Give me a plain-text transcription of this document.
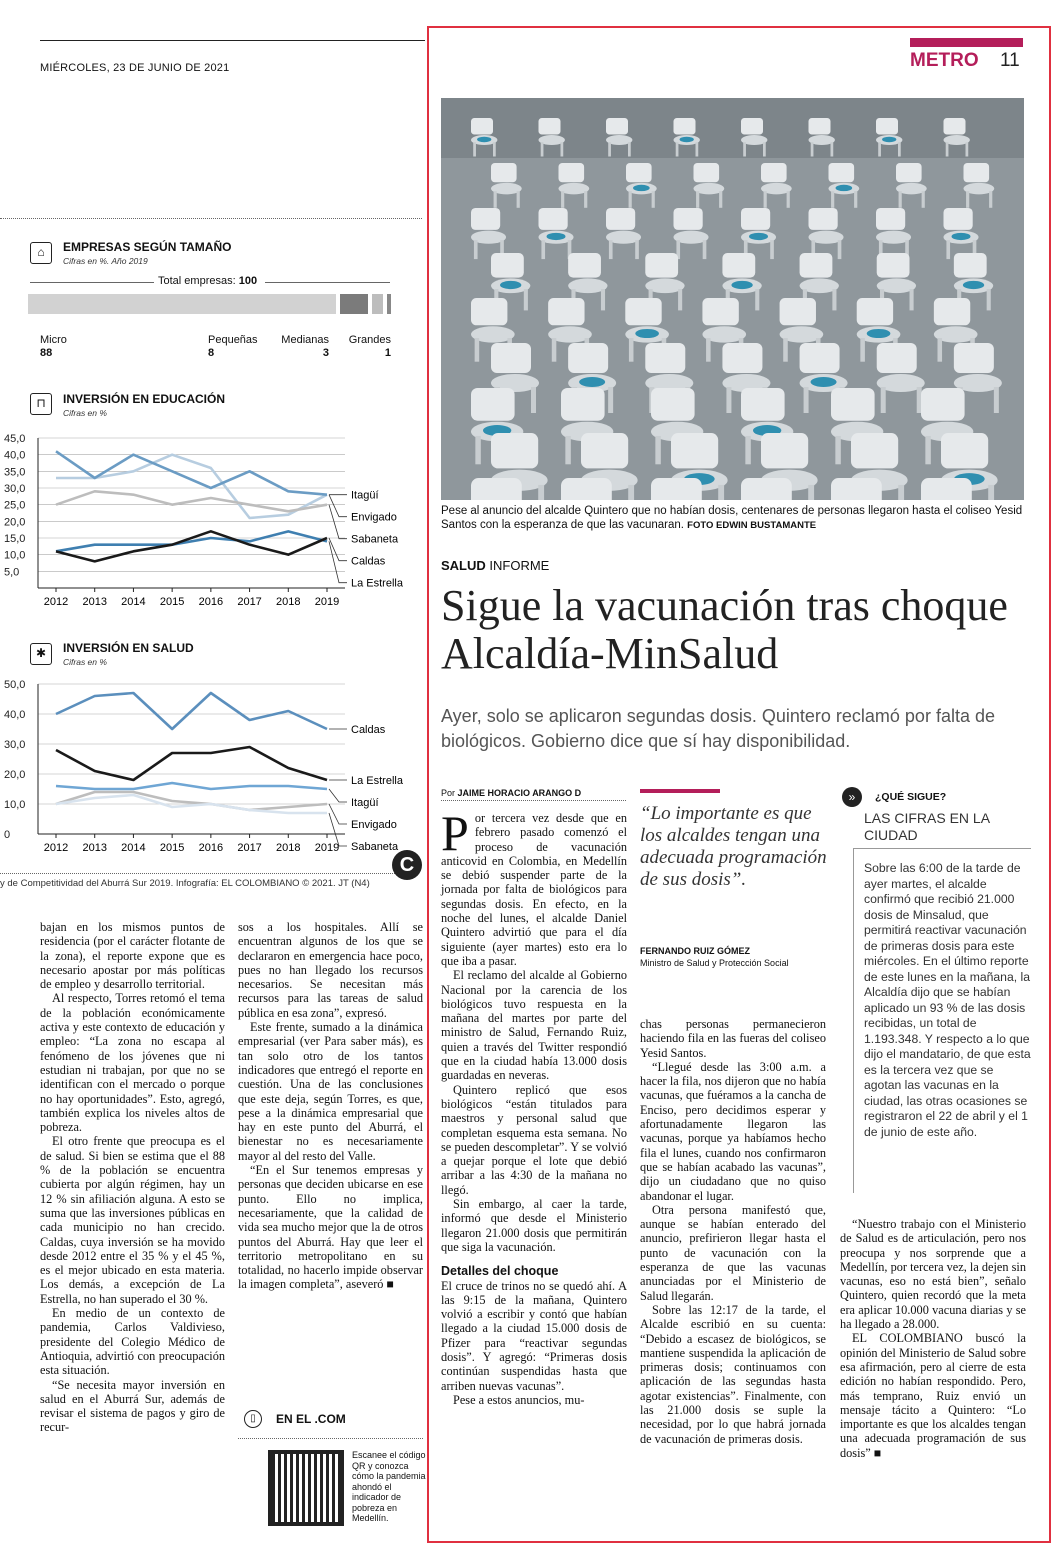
MIÉRCOLES, 23 DE JUNIO DE 2021	METRO 11
⌂	EMPRESAS SEGÚN TAMAÑO
Cifras en %. Año 2019
Total empresas: 100
Micro
88
Pequeñas
8
Medianas
3
Grandes
1
⊓	INVERSIÓN EN EDUCACIÓN
Cifras en %
45,0
40,0
35,0
30,0
25,0
20,0
15,0
10,0
5,0
2012 2013 2014 2015 2016 2017 2018 2019
Itagüí
Envigado
Sabaneta
La Estrella
Caldas
✱	INVERSIÓN EN SALUD
Cifras en %
50,0
40,0
30,0
20,0
10,0
0
2012 2013 2014 2015 2016 2017 2018 2019
Caldas
La Estrella
Itagüí
Envigado
Sabaneta
C
y de Competitividad del Aburrá Sur 2019. Infografía: EL COLOMBIANO © 2021. JT (N4)

bajan en los mismos puntos de residencia (por el carácter flotante de la zona), el reporte expone que es necesario apostar por más políticas de empleo y desarrollo territorial.

Al respecto, Torres retomó el tema de la población económicamente activa y este contexto de educación y empleo: “La zona no escapa al fenómeno de los jóvenes que ni estudian ni trabajan, por que no se identifican con el mercado o porque no hay oportunidades”. Esto, agregó, también explica los niveles altos de pobreza.

El otro frente que preocupa es el de salud. Si bien se estima que el 88 % de la población se encuentra cubierta por algún régimen, hay un 12 % sin afiliación alguna. A esto se suma que las inversiones públicas en cada municipio no han crecido. Caldas, cuya inversión se ha movido desde 2012 entre el 35 % y el 45 %, es el mejor ubicado en esta materia. Los demás, a excepción de La Estrella, no han superado el 30 %.

En medio de un contexto de pandemia, Carlos Valdivieso, presidente del Colegio Médico de Antioquia, advirtió con preocupación esta situación.

“Se necesita mayor inversión en salud en el Aburrá Sur, además de revisar el sistema de pagos y giro de recur-

sos a los hospitales. Allí se encuentran algunos de los que se declararon en emergencia hace poco, pues no han llegado los recursos necesarios. Se necesitan más recursos para las tareas de salud pública en esa zona”, expresó.

Este frente, sumado a la dinámica empresarial (ver Para saber más), es tan solo otro de los tantos indicadores que entregó el reporte en cuestión. Una de las conclusiones que este deja, según Torres, es que, pese a la dinámica empresarial que hay en este punto del Aburrá, el bienestar no es necesariamente mayor al del resto del Valle.

“En el Sur tenemos empresas y personas que deciden ubicarse en ese punto. Ello no implica, necesariamente, que la calidad de vida sea mucho mejor que la de otros puntos del Aburrá. Hay que leer el territorio metropolitano en su totalidad, no hacerlo impide observar la imagen completa”, aseveró ■

▯	EN EL .COM
Escanee el código QR y conozca cómo la pandemia ahondó el indicador de pobreza en Medellín.
Pese al anuncio del alcalde Quintero que no habían dosis, centenares de personas llegaron hasta el coliseo Yesid Santos con la esperanza de que las vacunaran. FOTO EDWIN BUSTAMANTE
SALUD INFORME
Sigue la vacunación tras choque Alcaldía-MinSalud
Ayer, solo se aplicaron segundas dosis. Quintero reclamó por falta de biológicos. Gobierno dice que sí hay disponibilidad.
Por JAIME HORACIO ARANGO D
P or tercera vez desde que en febrero pasado comenzó el proceso de vacunación anticovid en Colombia, en Medellín se debió suspender parte de la jornada por falta de biológicos para segundas dosis. En efecto, en la noche del lunes, el alcalde Daniel Quintero advirtió que para el día siguiente (ayer martes) esto era lo que iba a pasar.

El reclamo del alcalde al Gobierno Nacional por la carencia de los biológicos tuvo respuesta en la mañana del martes por parte del ministro de Salud, Fernando Ruiz, quien a través del Twitter respondió que en la ciudad había 13.000 dosis guardadas en neveras.

Quintero replicó que esos biológicos “están titulados para maestros y personal salud que completan esquema esta semana. No se pueden descompletar”. Y se volvió a quejar porque el lote que debió arribar a las 4:30 de la mañana no llegó.

Sin embargo, al caer la tarde, informó que desde el Ministerio llegaron 21.000 dosis que permitirán que siga la vacunación.

Detalles del choque

El cruce de trinos no se quedó ahí. A las 9:15 de la mañana, Quintero volvió a escribir y contó que habían llegado a la ciudad 15.000 dosis de Pfizer para “reactivar segundas dosis”. Y agregó: “Primeras dosis continúan suspendidas hasta que arriben nuevas vacunas”.

Pese a estos anuncios, mu-

“Lo importante es que los alcaldes tengan una adecuada programación de sus dosis”.
FERNANDO RUIZ GÓMEZ
Ministro de Salud y Protección Social

chas personas permanecieron haciendo fila en las fueras del coliseo Yesid Santos.

“Llegué desde las 3:00 a.m. a hacer la fila, nos dijeron que no había vacunas, que fuéramos a la cancha de Enciso, pero decidimos esperar y afortunadamente llegaron las vacunas, porque ya habíamos hecho fila el lunes, cuando nos confirmaron que se habían acabado las vacunas”, dijo un ciudadano que no quiso abandonar el lugar.

Otra persona manifestó que, aunque se habían enterado del anuncio, prefirieron llegar hasta el punto de vacunación con la esperanza de que las vacunas anunciadas por el Ministerio de Salud llegarán.

Sobre las 12:17 de la tarde, el Alcalde escribió en su cuenta: “Debido a escasez de biológicos, se mantiene suspendida la aplicación de primeras dosis; continuamos con aplicación de las segundas hasta agotar existencias”. Finalmente, con las 21.000 dosis se suple la necesidad, por lo que habrá jornada de vacunación de primeras dosis.

»	¿QUÉ SIGUE?
LAS CIFRAS EN LA CIUDAD
Sobre las 6:00 de la tarde de ayer martes, el alcalde confirmó que recibió 21.000 dosis de Minsalud, que permitirá reactivar vacunación de primeras dosis para este miércoles. En el último reporte de este lunes en la mañana, la Alcaldía dijo que se habían aplicado un 93 % de las dosis recibidas, un total de 1.193.348. Y respecto a lo que dijo el mandatario, de que esta es la tercera vez que se agotan las vacunas en la ciudad, las otras ocasiones se registraron el 22 de abril y el 1 de junio de este año.

“Nuestro trabajo con el Ministerio de Salud es de articulación, pero nos preocupa y nos sorprende que a Medellín, por tercera vez, la dejen sin vacunas, eso no está bien”, señalo Quintero, quien recordó que la meta era aplicar 10.000 vacuna diarias y se ha llegado a 28.000.

EL COLOMBIANO buscó la opinión del Ministerio de Salud sobre esa afirmación, pero al cierre de esta edición no habían respondido. Pero, más temprano, Ruiz envió un mensaje tácito a Quintero: “Lo importante es que los alcaldes tengan una adecuada programación de sus dosis” ■
